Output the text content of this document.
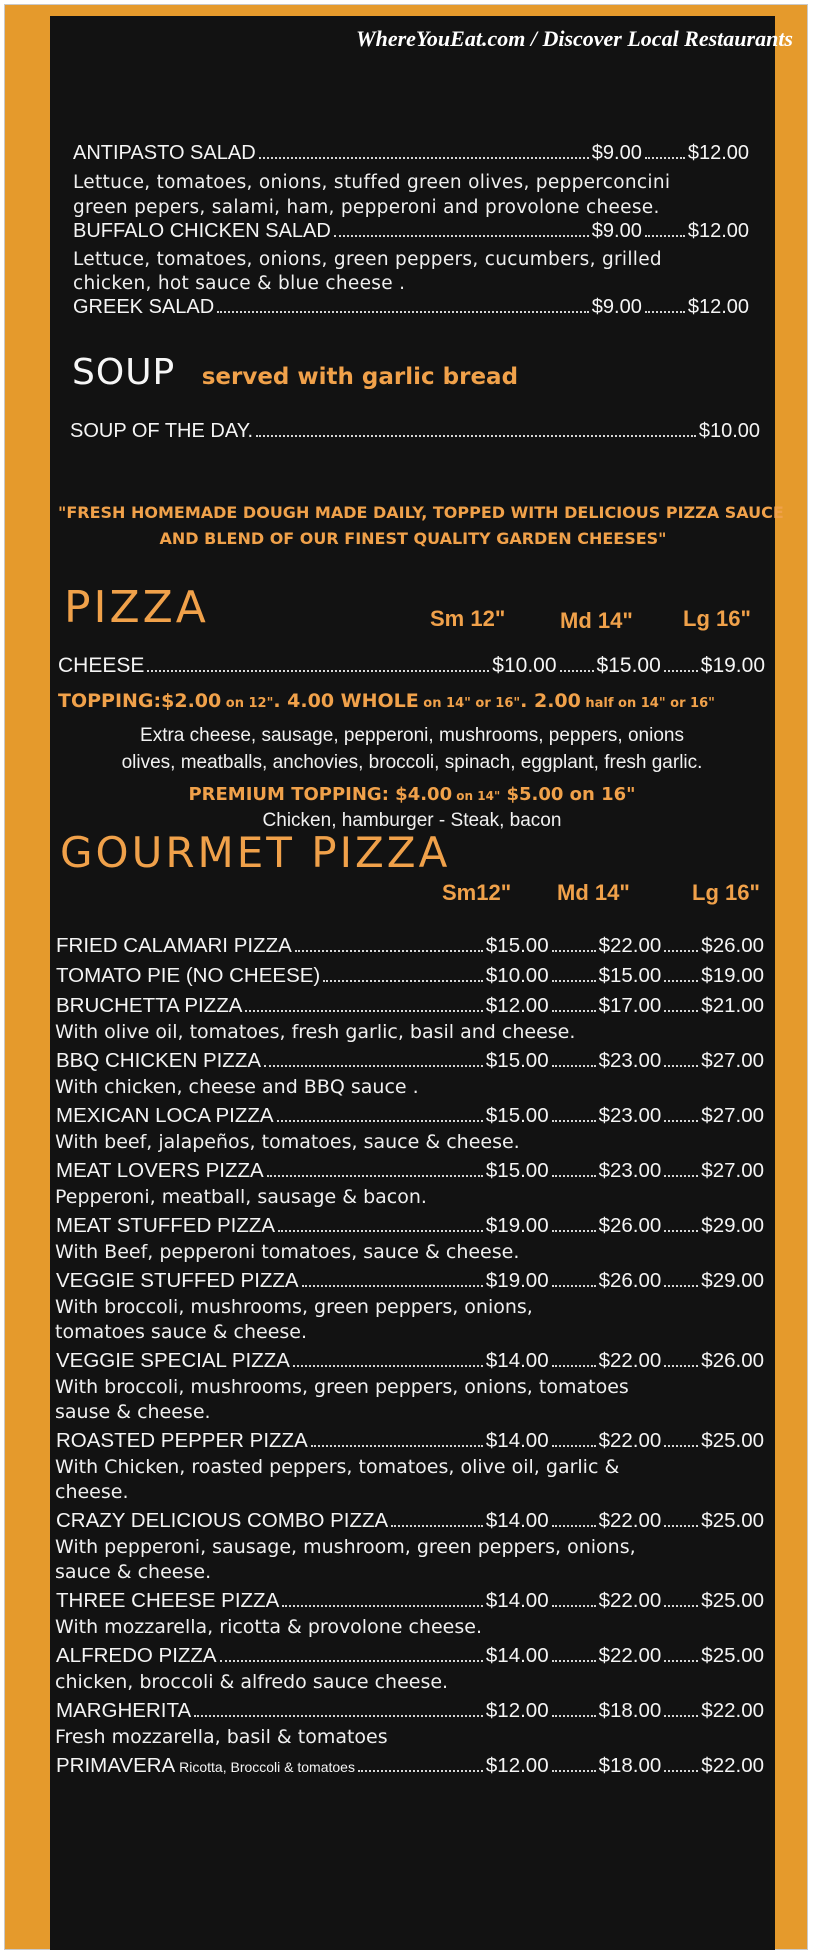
WhereYouEat.com / Discover Local Restaurants
SOUP served with garlic bread
SOUP OF THE DAY.	$10.00
"FRESH HOMEMADE DOUGH MADE DAILY, TOPPED WITH DELICIOUS PIZZA SAUCE
AND BLEND OF OUR FINEST QUALITY GARDEN CHEESES"
PIZZA	Sm 12" Md 14" Lg 16"
CHEESE	$10.00 $15.00 $19.00
TOPPING:$2.00 on 12". 4.00 WHOLE on 14" or 16". 2.00 half on 14" or 16"
Extra cheese, sausage, pepperoni, mushrooms, peppers, onions
olives, meatballs, anchovies, broccoli, spinach, eggplant, fresh garlic.
PREMIUM TOPPING: $4.00 on 14" $5.00 on 16"
Chicken, hamburger - Steak, bacon
GOURMET PIZZA
Sm12" Md 14"	Lg 16"
ANTIPASTO SALAD	$9.00 $12.00
Lettuce, tomatoes, onions, stuffed green olives, pepperconcini
green pepers, salami, ham, pepperoni and provolone cheese.
BUFFALO CHICKEN SALAD	$9.00 $12.00
Lettuce, tomatoes, onions, green peppers, cucumbers, grilled
chicken, hot sauce & blue cheese .
GREEK SALAD	$9.00 $12.00
FRIED CALAMARI PIZZA	$15.00 $22.00 $26.00
TOMATO PIE (NO CHEESE)	$10.00 $15.00 $19.00
BRUCHETTA PIZZA	$12.00 $17.00 $21.00
With olive oil, tomatoes, fresh garlic, basil and cheese.
BBQ CHICKEN PIZZA	$15.00 $23.00 $27.00
With chicken, cheese and BBQ sauce .
MEXICAN LOCA PIZZA	$15.00 $23.00 $27.00
With beef, jalapeños, tomatoes, sauce & cheese.
MEAT LOVERS PIZZA	$15.00 $23.00 $27.00
Pepperoni, meatball, sausage & bacon.
MEAT STUFFED PIZZA	$19.00 $26.00 $29.00
With Beef, pepperoni tomatoes, sauce & cheese.
VEGGIE STUFFED PIZZA	$19.00 $26.00 $29.00
With broccoli, mushrooms, green peppers, onions,
tomatoes sauce & cheese.
VEGGIE SPECIAL PIZZA	$14.00 $22.00 $26.00
With broccoli, mushrooms, green peppers, onions, tomatoes
sause & cheese.
ROASTED PEPPER PIZZA	$14.00 $22.00 $25.00
With Chicken, roasted peppers, tomatoes, olive oil, garlic &
cheese.
CRAZY DELICIOUS COMBO PIZZA	$14.00 $22.00 $25.00
With pepperoni, sausage, mushroom, green peppers, onions,
sauce & cheese.
THREE CHEESE PIZZA	$14.00 $22.00 $25.00
With mozzarella, ricotta & provolone cheese.
ALFREDO PIZZA	$14.00 $22.00 $25.00
chicken, broccoli & alfredo sauce cheese.
MARGHERITA	$12.00 $18.00 $22.00
Fresh mozzarella, basil & tomatoes
PRIMAVERA Ricotta, Broccoli & tomatoes	$12.00 $18.00 $22.00
